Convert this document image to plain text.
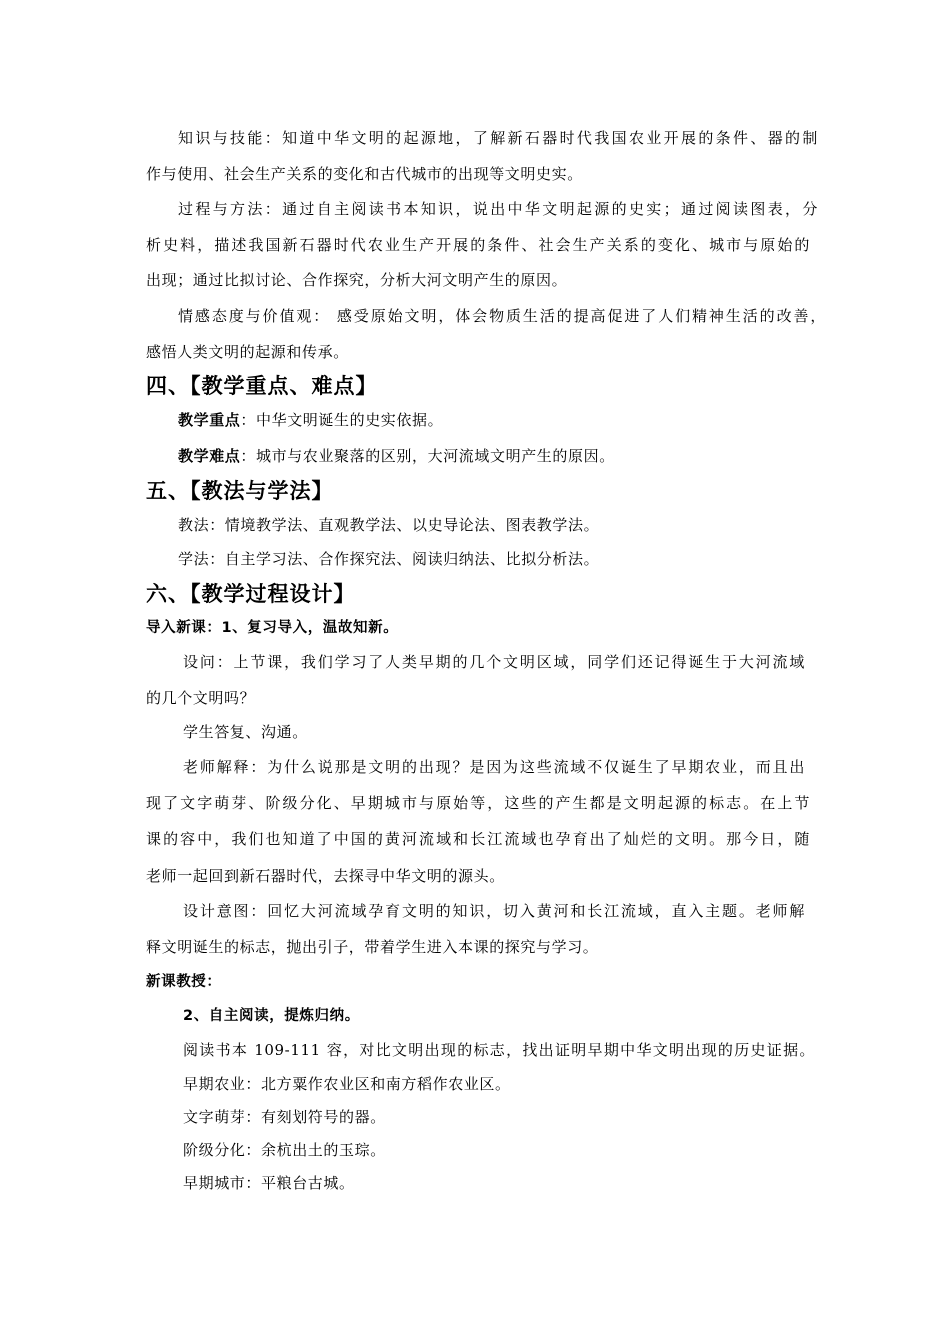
知识与技能：知道中华文明的起源地，了解新石器时代我国农业开展的条件、器的制
作与使用、社会生产关系的变化和古代城市的出现等文明史实。
过程与方法：通过自主阅读书本知识，说出中华文明起源的史实；通过阅读图表，分
析史料，描述我国新石器时代农业生产开展的条件、社会生产关系的变化、城市与原始的
出现；通过比拟讨论、合作探究，分析大河文明产生的原因。
情感态度与价值观： 感受原始文明，体会物质生活的提高促进了人们精神生活的改善，
感悟人类文明的起源和传承。
四、【教学重点、难点】
教学重点：中华文明诞生的史实依据。
教学难点：城市与农业聚落的区别，大河流域文明产生的原因。
五、【教法与学法】
教法：情境教学法、直观教学法、以史导论法、图表教学法。
学法：自主学习法、合作探究法、阅读归纳法、比拟分析法。
六、【教学过程设计】
导入新课：1、复习导入，温故知新。
设问：上节课，我们学习了人类早期的几个文明区域，同学们还记得诞生于大河流域
的几个文明吗？
学生答复、沟通。
老师解释：为什么说那是文明的出现？是因为这些流域不仅诞生了早期农业，而且出
现了文字萌芽、阶级分化、早期城市与原始等，这些的产生都是文明起源的标志。在上节
课的容中，我们也知道了中国的黄河流域和长江流域也孕育出了灿烂的文明。那今日，随
老师一起回到新石器时代，去探寻中华文明的源头。
设计意图：回忆大河流域孕育文明的知识，切入黄河和长江流域，直入主题。老师解
释文明诞生的标志，抛出引子，带着学生进入本课的探究与学习。
新课教授：
2、自主阅读，提炼归纳。
阅读书本 109-111 容，对比文明出现的标志，找出证明早期中华文明出现的历史证据。
早期农业：北方粟作农业区和南方稻作农业区。
文字萌芽：有刻划符号的器。
阶级分化：余杭出土的玉琮。
早期城市：平粮台古城。
